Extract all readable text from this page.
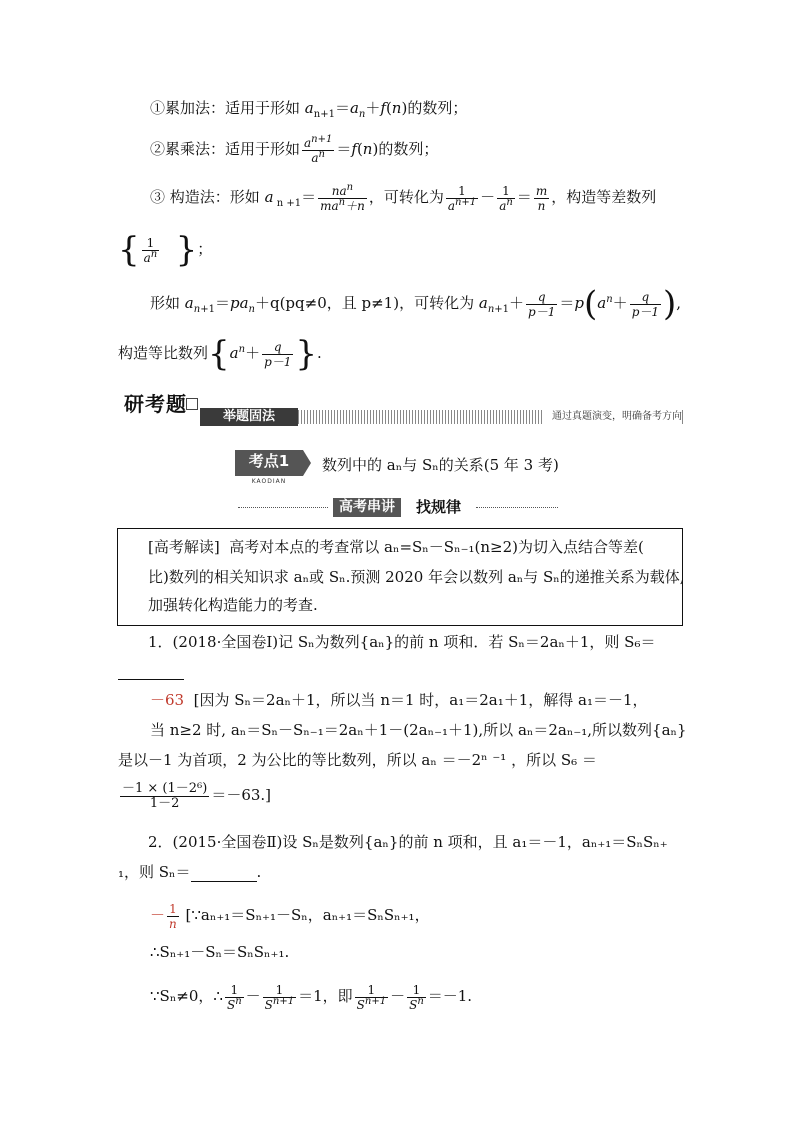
①累加法：适用于形如 $a_{n+1}=a_n+f(n)$的数列；
②累乘法：适用于形如 $\frac{a^{n+1}}{a^n} =f(n)$的数列；
③ 构造法：形如 a $_{n +1}$＝	$na^n$
$ma^n+n$ ，可转化为 $\frac{1}{a^{n+1}} - \frac{1}{a^n} = \frac{m}{n}$ ，构造等差数列
{ $\frac{1}{a^n}$ }；
形如 $a_{n+1}=pa_n+q(pq\ne 0$，且 p≠1)，可转化为 $a_{n+1}+ \frac{q}{p-1} =p(a^n+ \frac{q}{p-1}$ ),
构造等比数列{$a^n+ \frac{q}{p-1}$ }.
研考题
举题固法	通过真题演变，明确备考方向
考点1
KAODIAN
数列中的 aₙ与 Sₙ的关系(5 年 3 考)
高考串讲	找规律
[高考解读] 高考对本点的考查常以 aₙ=Sₙ－Sₙ₋₁(n≥2)为切入点结合等差(
比)数列的相关知识求 aₙ或 Sₙ.预测 2020 年会以数列 aₙ与 Sₙ的递推关系为载体,
加强转化构造能力的考查.
1．(2018·全国卷Ⅰ)记 Sₙ为数列{aₙ}的前 n 项和．若 Sₙ＝2aₙ＋1，则 S₆＝
－63 [因为 Sₙ＝2aₙ＋1，所以当 n＝1 时，a₁＝2a₁＋1，解得 a₁＝－1，
当 n≥2 时, aₙ＝Sₙ－Sₙ₋₁＝2aₙ＋1－(2aₙ₋₁＋1),所以 aₙ＝2aₙ₋₁,所以数列{aₙ}
是以－1 为首项，2 为公比的等比数列，所以 aₙ ＝－2ⁿ ⁻¹ ，所以 S₆ ＝
$\frac{\text{－1 × (1－2⁶)}}{1-2} =-63$.]
2．(2015·全国卷Ⅱ)设 Sₙ是数列{aₙ}的前 n 项和，且 a₁＝－1，aₙ₊₁＝SₙSₙ₊
₁，则 Sₙ＝	.
－ $\frac{1}{n}$ [∵aₙ₊₁＝Sₙ₊₁－Sₙ，aₙ₊₁＝SₙSₙ₊₁，
∴Sₙ₊₁－Sₙ＝SₙSₙ₊₁.
∵Sₙ≠0，∴ $\frac{1}{S^n} - \frac{1}{S^{n+1}} =1$，即 $\frac{1}{S^{n+1}} - \frac{1}{S^n} =-1$.
